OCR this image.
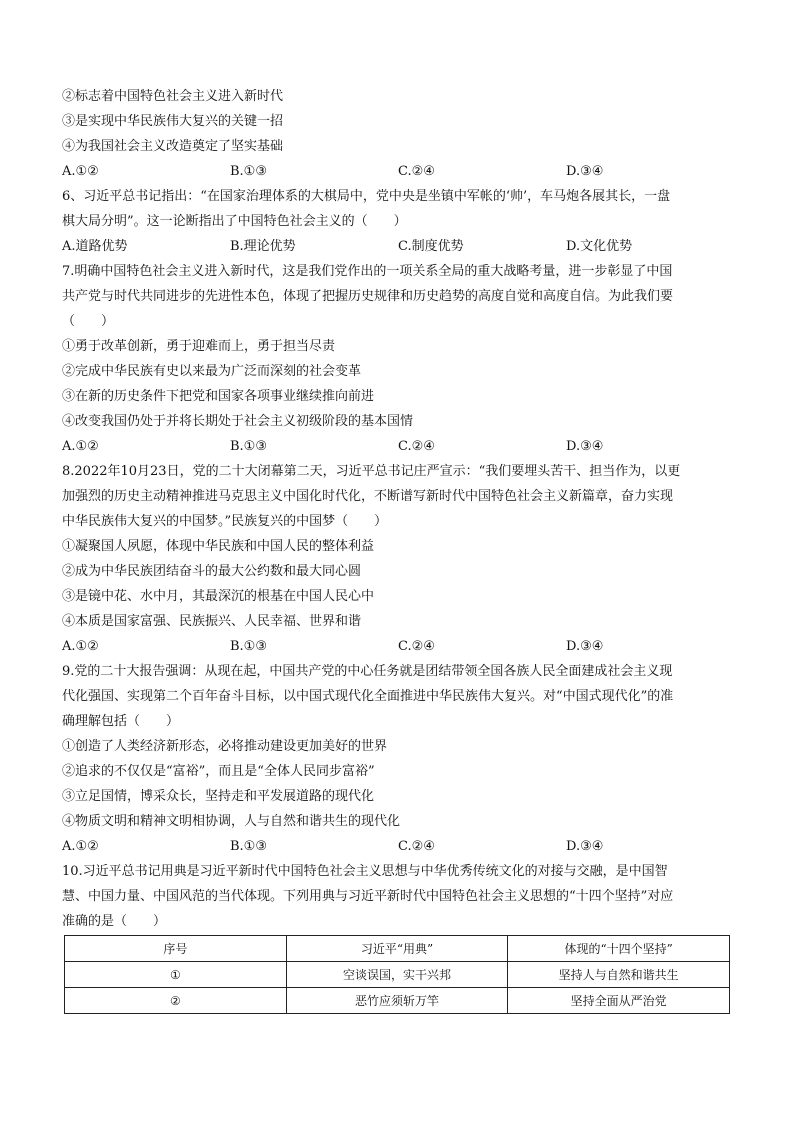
②标志着中国特色社会主义进入新时代
③是实现中华民族伟大复兴的关键一招
④为我国社会主义改造奠定了坚实基础
A.①②	B.①③	C.②④	D.③④
6、习近平总书记指出：“在国家治理体系的大棋局中，党中央是坐镇中军帐的‘帅’，车马炮各展其长，一盘
棋大局分明”。这一论断指出了中国特色社会主义的（　　）
A.道路优势	B.理论优势	C.制度优势	D.文化优势
7.明确中国特色社会主义进入新时代，这是我们党作出的一项关系全局的重大战略考量，进一步彰显了中国
共产党与时代共同进步的先进性本色，体现了把握历史规律和历史趋势的高度自觉和高度自信。为此我们要
（　　）
①勇于改革创新，勇于迎难而上，勇于担当尽责
②完成中华民族有史以来最为广泛而深刻的社会变革
③在新的历史条件下把党和国家各项事业继续推向前进
④改变我国仍处于并将长期处于社会主义初级阶段的基本国情
A.①②	B.①③	C.②④	D.③④
8.2022年10月23日，党的二十大闭幕第二天，习近平总书记庄严宣示：“我们要埋头苦干、担当作为，以更
加强烈的历史主动精神推进马克思主义中国化时代化，不断谱写新时代中国特色社会主义新篇章，奋力实现
中华民族伟大复兴的中国梦。”民族复兴的中国梦（　　）
①凝聚国人夙愿，体现中华民族和中国人民的整体利益
②成为中华民族团结奋斗的最大公约数和最大同心圆
③是镜中花、水中月，其最深沉的根基在中国人民心中
④本质是国家富强、民族振兴、人民幸福、世界和谐
A.①②	B.①③	C.②④	D.③④
9.党的二十大报告强调：从现在起，中国共产党的中心任务就是团结带领全国各族人民全面建成社会主义现
代化强国、实现第二个百年奋斗目标，以中国式现代化全面推进中华民族伟大复兴。对“中国式现代化”的准
确理解包括（　　）
①创造了人类经济新形态，必将推动建设更加美好的世界
②追求的不仅仅是“富裕”，而且是“全体人民同步富裕”
③立足国情，博采众长，坚持走和平发展道路的现代化
④物质文明和精神文明相协调，人与自然和谐共生的现代化
A.①②	B.①③	C.②④	D.③④
10.习近平总书记用典是习近平新时代中国特色社会主义思想与中华优秀传统文化的对接与交融，是中国智
慧、中国力量、中国风范的当代体现。下列用典与习近平新时代中国特色社会主义思想的“十四个坚持”对应
准确的是（　　）
序号	习近平“用典”	体现的“十四个坚持”
①	空谈误国，实干兴邦	坚持人与自然和谐共生
②	恶竹应须斩万竿	坚持全面从严治党
